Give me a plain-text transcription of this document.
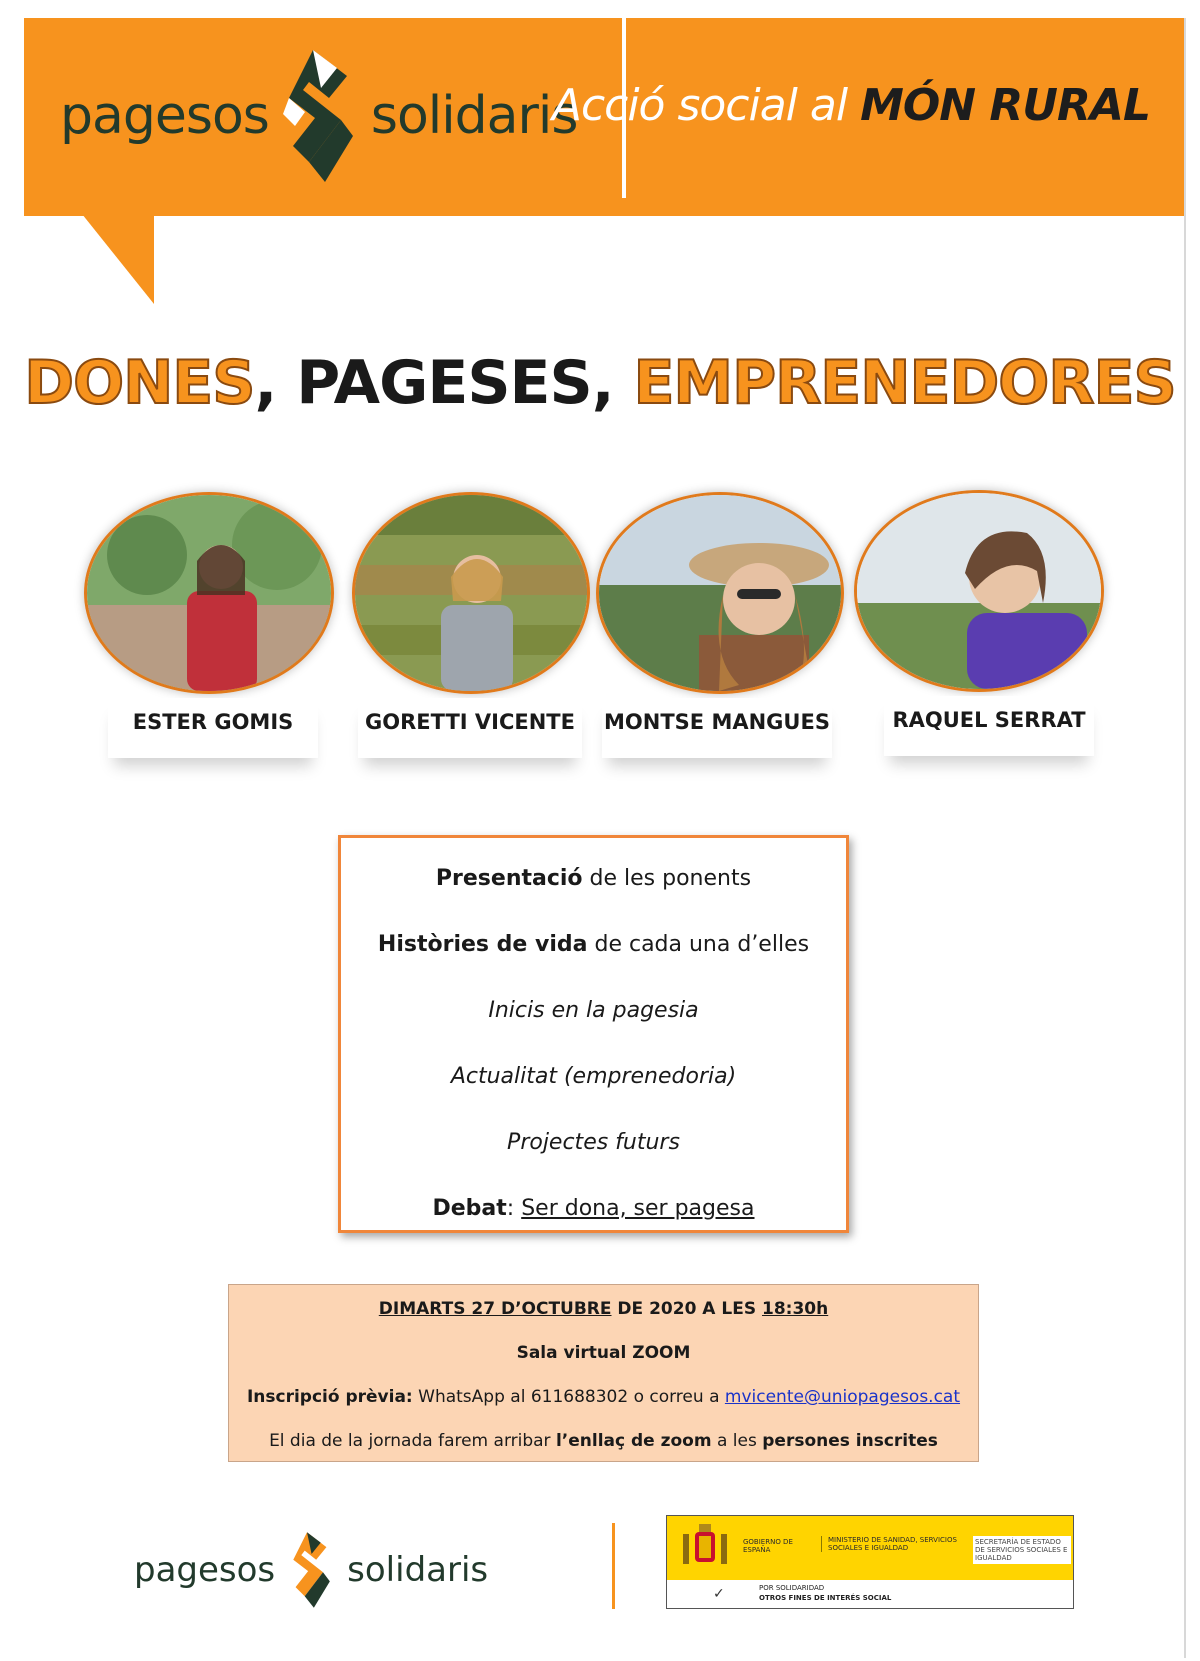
pagesos solidaris
Acció social al MÓN RURAL
DONES, PAGESES, EMPRENEDORES
ESTER GOMIS	GORETTI VICENTE	MONTSE MANGUES	RAQUEL SERRAT
Presentació de les ponents
Històries de vida de cada una d’elles
Inicis en la pagesia
Actualitat (emprenedoria)
Projectes futurs
Debat: Ser dona, ser pagesa
DIMARTS 27 D’OCTUBRE DE 2020 A LES 18:30h
Sala virtual ZOOM
Inscripció prèvia: WhatsApp al 611688302 o correu a mvicente@uniopagesos.cat
El dia de la jornada farem arribar l’enllaç de zoom a les persones inscrites
pagesos solidaris
GOBIERNO DE ESPAÑA
MINISTERIO DE SANIDAD, SERVICIOS SOCIALES E IGUALDAD
SECRETARÍA DE ESTADO DE SERVICIOS SOCIALES E IGUALDAD
✓	POR SOLIDARIDAD
OTROS FINES DE INTERÉS SOCIAL
